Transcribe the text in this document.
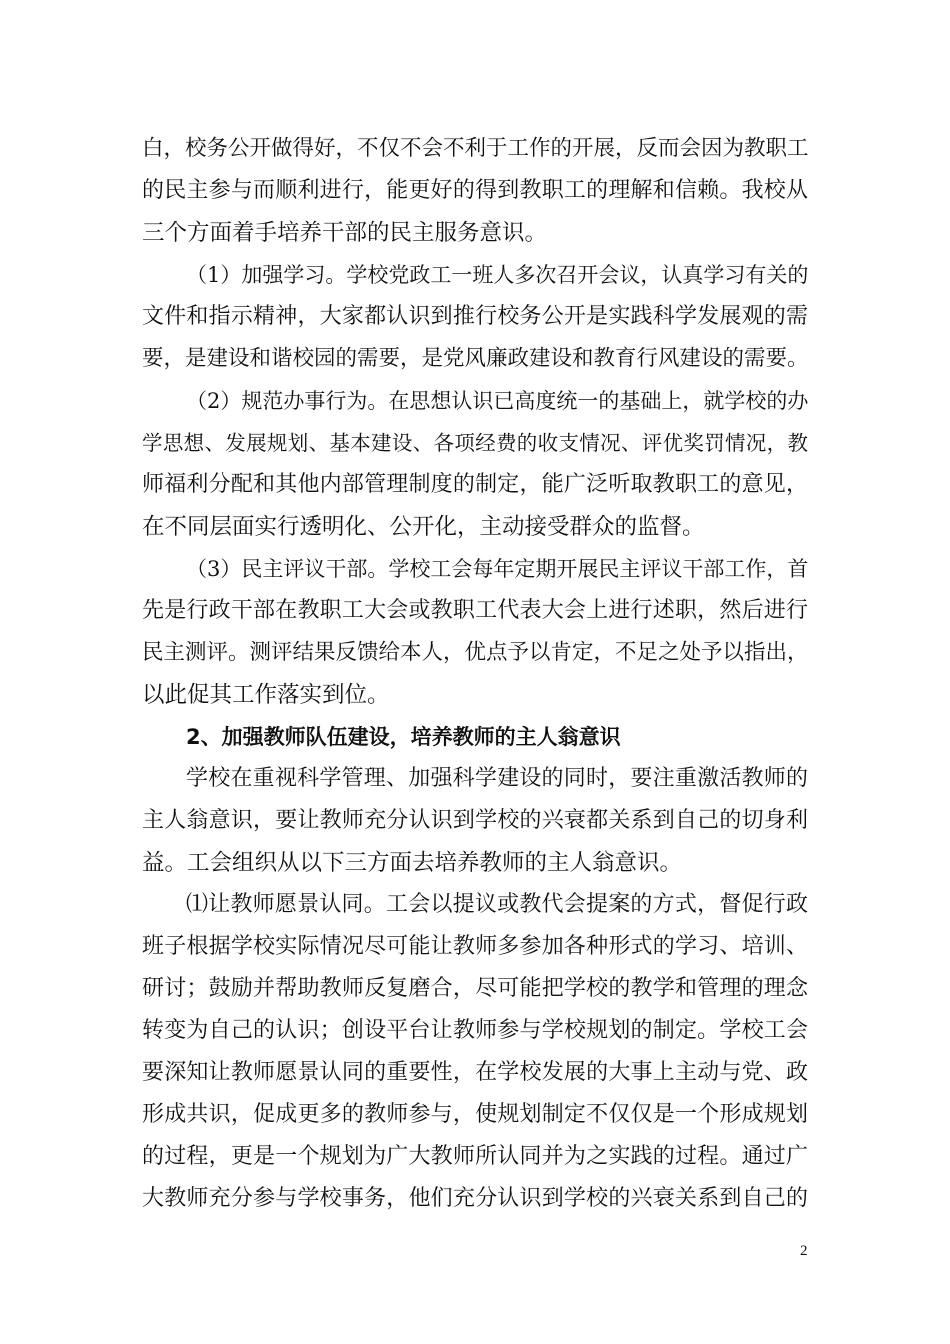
白，校务公开做得好，不仅不会不利于工作的开展，反而会因为教职工
的民主参与而顺利进行，能更好的得到教职工的理解和信赖。我校从
三个方面着手培养干部的民主服务意识。
（1）加强学习。学校党政工一班人多次召开会议，认真学习有关的
文件和指示精神，大家都认识到推行校务公开是实践科学发展观的需
要，是建设和谐校园的需要，是党风廉政建设和教育行风建设的需要。
（2）规范办事行为。在思想认识已高度统一的基础上，就学校的办
学思想、发展规划、基本建设、各项经费的收支情况、评优奖罚情况，教
师福利分配和其他内部管理制度的制定，能广泛听取教职工的意见，
在不同层面实行透明化、公开化，主动接受群众的监督。
（3）民主评议干部。学校工会每年定期开展民主评议干部工作，首
先是行政干部在教职工大会或教职工代表大会上进行述职，然后进行
民主测评。测评结果反馈给本人，优点予以肯定，不足之处予以指出，
以此促其工作落实到位。
2、加强教师队伍建设，培养教师的主人翁意识
学校在重视科学管理、加强科学建设的同时，要注重激活教师的
主人翁意识，要让教师充分认识到学校的兴衰都关系到自己的切身利
益。工会组织从以下三方面去培养教师的主人翁意识。
⑴让教师愿景认同。工会以提议或教代会提案的方式，督促行政
班子根据学校实际情况尽可能让教师多参加各种形式的学习、培训、
研讨；鼓励并帮助教师反复磨合，尽可能把学校的教学和管理的理念
转变为自己的认识；创设平台让教师参与学校规划的制定。学校工会
要深知让教师愿景认同的重要性，在学校发展的大事上主动与党、政
形成共识，促成更多的教师参与，使规划制定不仅仅是一个形成规划
的过程，更是一个规划为广大教师所认同并为之实践的过程。通过广
大教师充分参与学校事务，他们充分认识到学校的兴衰关系到自己的
2
